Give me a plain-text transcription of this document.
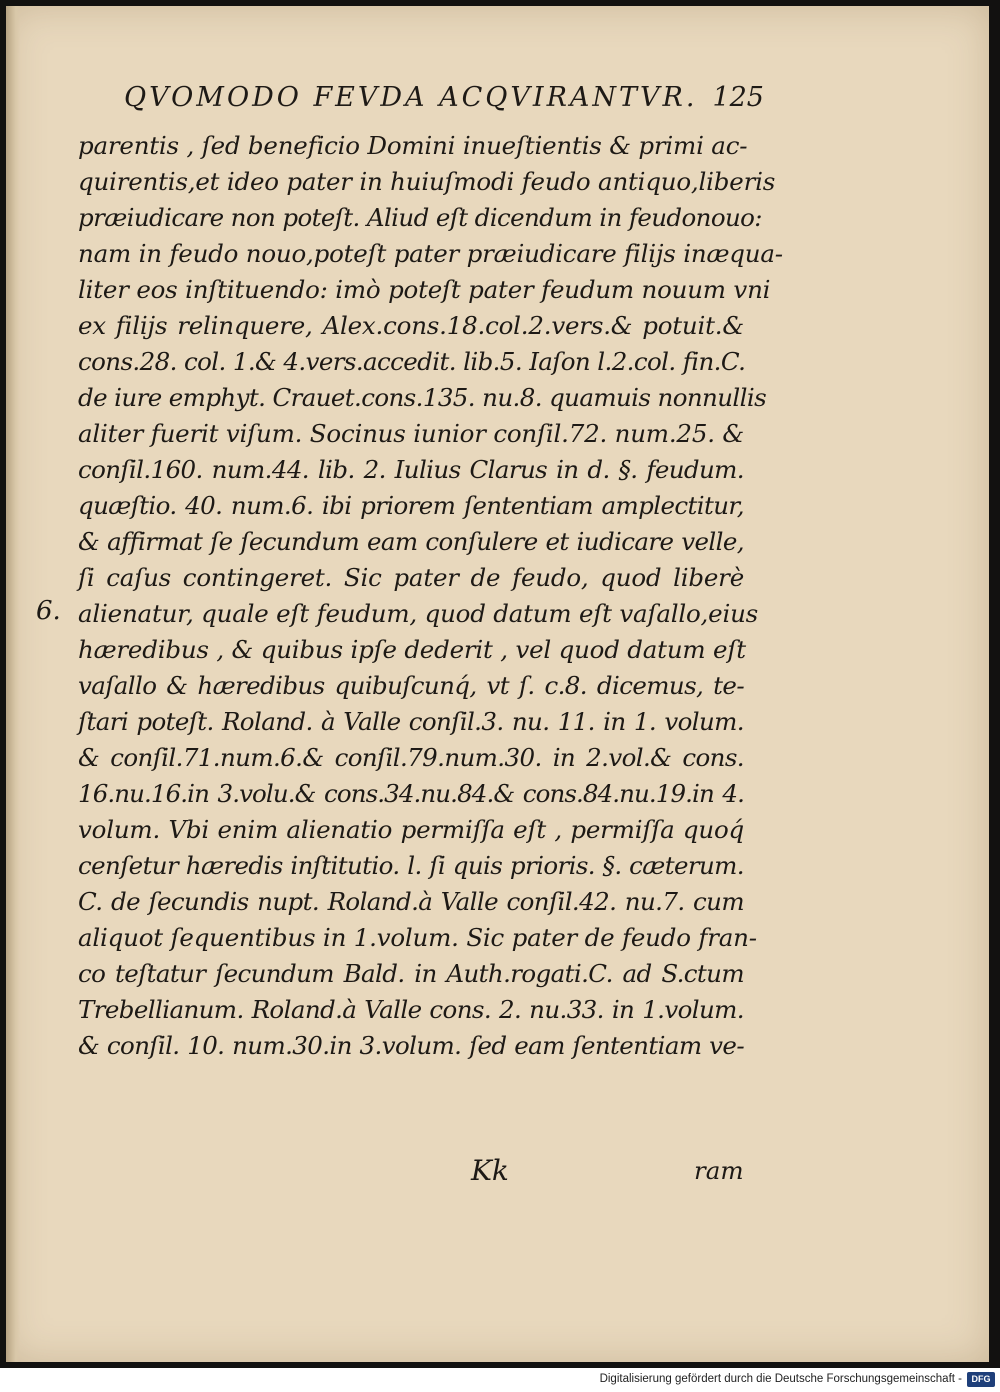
QVOMODO FEVDA ACQVIRANTVR. 125
6.
parentis , ſed beneficio Domini inueſtientis & primi ac-
quirentis,et ideo pater in huiuſmodi feudo antiquo,liberis
præiudicare non poteſt. Aliud eſt dicendum in feudonouo:
nam in feudo nouo,poteſt pater præiudicare filijs inæqua-
liter eos inſtituendo: imò poteſt pater feudum nouum vni
ex filijs relinquere, Alex.cons.18.col.2.vers.& potuit.&
cons.28. col. 1.& 4.vers.accedit. lib.5. Iaſon l.2.col. fin.C.
de iure emphyt. Crauet.cons.135. nu.8. quamuis nonnullis
aliter fuerit viſum. Socinus iunior conſil.72. num.25. &
conſil.160. num.44. lib. 2. Iulius Clarus in d. §. feudum.
quæſtio. 40. num.6. ibi priorem ſententiam amplectitur,
& affirmat ſe ſecundum eam conſulere et iudicare velle,
ſi caſus contingeret. Sic pater de feudo, quod liberè
alienatur, quale eſt feudum, quod datum eſt vaſallo,eius
hæredibus , & quibus ipſe dederit , vel quod datum eſt
vaſallo & hæredibus quibuſcunq́, vt ſ. c.8. dicemus, te-
ſtari poteſt. Roland. à Valle conſil.3. nu. 11. in 1. volum.
& conſil.71.num.6.& conſil.79.num.30. in 2.vol.& cons.
16.nu.16.in 3.volu.& cons.34.nu.84.& cons.84.nu.19.in 4.
volum. Vbi enim alienatio permiſſa eſt , permiſſa quoq́
cenſetur hæredis inſtitutio. l. ſi quis prioris. §. cæterum.
C. de ſecundis nupt. Roland.à Valle conſil.42. nu.7. cum
aliquot ſequentibus in 1.volum. Sic pater de feudo fran-
co teſtatur ſecundum Bald. in Auth.rogati.C. ad S.ctum
Trebellianum. Roland.à Valle cons. 2. nu.33. in 1.volum.
& conſil. 10. num.30.in 3.volum. ſed eam ſententiam ve-
Kk	ram
Digitalisierung gefördert durch die Deutsche Forschungsgemeinschaft -	DFG
